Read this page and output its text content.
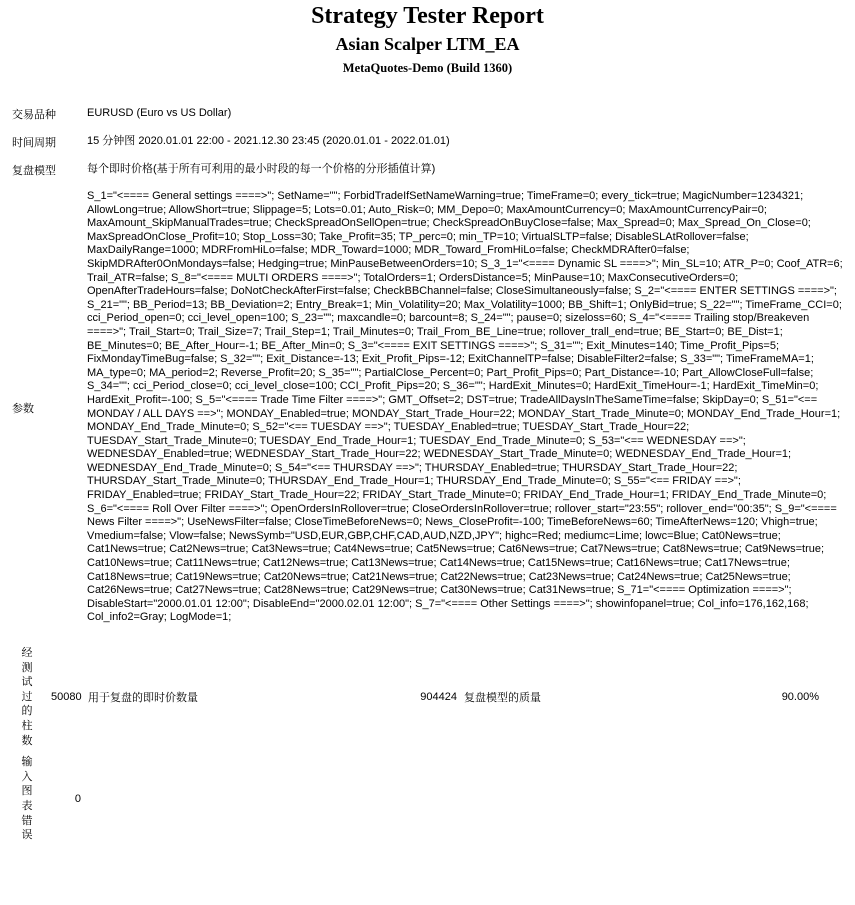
Strategy Tester Report
Asian Scalper LTM_EA
MetaQuotes-Demo (Build 1360)
交易品种	EURUSD (Euro vs US Dollar)
时间周期	15 分钟图 2020.01.01 22:00 - 2021.12.30 23:45 (2020.01.01 - 2022.01.01)
复盘模型	每个即时价格(基于所有可利用的最小时段的每一个价格的分形插值计算)
参数	S_1="<==== General settings ====>"; SetName=""; ForbidTradeIfSetNameWarning=true; TimeFrame=0; every_tick=true; MagicNumber=1234321; AllowLong=true; AllowShort=true; Slippage=5; Lots=0.01; Auto_Risk=0; MM_Depo=0; MaxAmountCurrency=0; MaxAmountCurrencyPair=0; MaxAmount_SkipManualTrades=true; CheckSpreadOnSellOpen=true; CheckSpreadOnBuyClose=false; Max_Spread=0; Max_Spread_On_Close=0; MaxSpreadOnClose_Profit=10; Stop_Loss=30; Take_Profit=35; TP_perc=0; min_TP=10; VirtualSLTP=false; DisableSLAtRollover=false; MaxDailyRange=1000; MDRFromHiLo=false; MDR_Toward=1000; MDR_Toward_FromHiLo=false; CheckMDRAfter0=false; SkipMDRAfter0OnMondays=false; Hedging=true; MinPauseBetweenOrders=10; S_3_1="<==== Dynamic SL ====>"; Min_SL=10; ATR_P=0; Coof_ATR=6; Trail_ATR=false; S_8="<==== MULTI ORDERS ====>"; TotalOrders=1; OrdersDistance=5; MinPause=10; MaxConsecutiveOrders=0; OpenAfterTradeHours=false; DoNotCheckAfterFirst=false; CheckBBChannel=false; CloseSimultaneously=false; S_2="<==== ENTER SETTINGS ====>"; S_21=""; BB_Period=13; BB_Deviation=2; Entry_Break=1; Min_Volatility=20; Max_Volatility=1000; BB_Shift=1; OnlyBid=true; S_22=""; TimeFrame_CCI=0; cci_Period_open=0; cci_level_open=100; S_23=""; maxcandle=0; barcount=8; S_24=""; pause=0; sizeloss=60; S_4="<==== Trailing stop/Breakeven ====>"; Trail_Start=0; Trail_Size=7; Trail_Step=1; Trail_Minutes=0; Trail_From_BE_Line=true; rollover_trall_end=true; BE_Start=0; BE_Dist=1; BE_Minutes=0; BE_After_Hour=-1; BE_After_Min=0; S_3="<==== EXIT SETTINGS ====>"; S_31=""; Exit_Minutes=140; Time_Profit_Pips=5; FixMondayTimeBug=false; S_32=""; Exit_Distance=-13; Exit_Profit_Pips=-12; ExitChannelTP=false; DisableFilter2=false; S_33=""; TimeFrameMA=1; MA_type=0; MA_period=2; Reverse_Profit=20; S_35=""; PartialClose_Percent=0; Part_Profit_Pips=0; Part_Distance=-10; Part_AllowCloseFull=false; S_34=""; cci_Period_close=0; cci_level_close=100; CCI_Profit_Pips=20; S_36=""; HardExit_Minutes=0; HardExit_TimeHour=-1; HardExit_TimeMin=0; HardExit_Profit=-100; S_5="<==== Trade Time Filter ====>"; GMT_Offset=2; DST=true; TradeAllDaysInTheSameTime=false; SkipDay=0; S_51="<== MONDAY / ALL DAYS ==>"; MONDAY_Enabled=true; MONDAY_Start_Trade_Hour=22; MONDAY_Start_Trade_Minute=0; MONDAY_End_Trade_Hour=1; MONDAY_End_Trade_Minute=0; S_52="<== TUESDAY ==>"; TUESDAY_Enabled=true; TUESDAY_Start_Trade_Hour=22; TUESDAY_Start_Trade_Minute=0; TUESDAY_End_Trade_Hour=1; TUESDAY_End_Trade_Minute=0; S_53="<== WEDNESDAY ==>"; WEDNESDAY_Enabled=true; WEDNESDAY_Start_Trade_Hour=22; WEDNESDAY_Start_Trade_Minute=0; WEDNESDAY_End_Trade_Hour=1; WEDNESDAY_End_Trade_Minute=0; S_54="<== THURSDAY ==>"; THURSDAY_Enabled=true; THURSDAY_Start_Trade_Hour=22; THURSDAY_Start_Trade_Minute=0; THURSDAY_End_Trade_Hour=1; THURSDAY_End_Trade_Minute=0; S_55="<== FRIDAY ==>"; FRIDAY_Enabled=true; FRIDAY_Start_Trade_Hour=22; FRIDAY_Start_Trade_Minute=0; FRIDAY_End_Trade_Hour=1; FRIDAY_End_Trade_Minute=0; S_6="<==== Roll Over Filter ====>"; OpenOrdersInRollover=true; CloseOrdersInRollover=true; rollover_start="23:55"; rollover_end="00:35"; S_9="<==== News Filter ====>"; UseNewsFilter=false; CloseTimeBeforeNews=0; News_CloseProfit=-100; TimeBeforeNews=60; TimeAfterNews=120; Vhigh=true; Vmedium=false; Vlow=false; NewsSymb="USD,EUR,GBP,CHF,CAD,AUD,NZD,JPY"; highc=Red; mediumc=Lime; lowc=Blue; Cat0News=true; Cat1News=true; Cat2News=true; Cat3News=true; Cat4News=true; Cat5News=true; Cat6News=true; Cat7News=true; Cat8News=true; Cat9News=true; Cat10News=true; Cat11News=true; Cat12News=true; Cat13News=true; Cat14News=true; Cat15News=true; Cat16News=true; Cat17News=true; Cat18News=true; Cat19News=true; Cat20News=true; Cat21News=true; Cat22News=true; Cat23News=true; Cat24News=true; Cat25News=true; Cat26News=true; Cat27News=true; Cat28News=true; Cat29News=true; Cat30News=true; Cat31News=true; S_71="<==== Optimization ====>"; DisableStart="2000.01.01 12:00"; DisableEnd="2000.02.01 12:00"; S_7="<==== Other Settings ====>"; showinfopanel=true; Col_info=176,162,168; Col_info2=Gray; LogMode=1;
经测试过的柱数	50080	用于复盘的即时价数量	904424	复盘模型的质量	90.00%

输入图表错误	0				
